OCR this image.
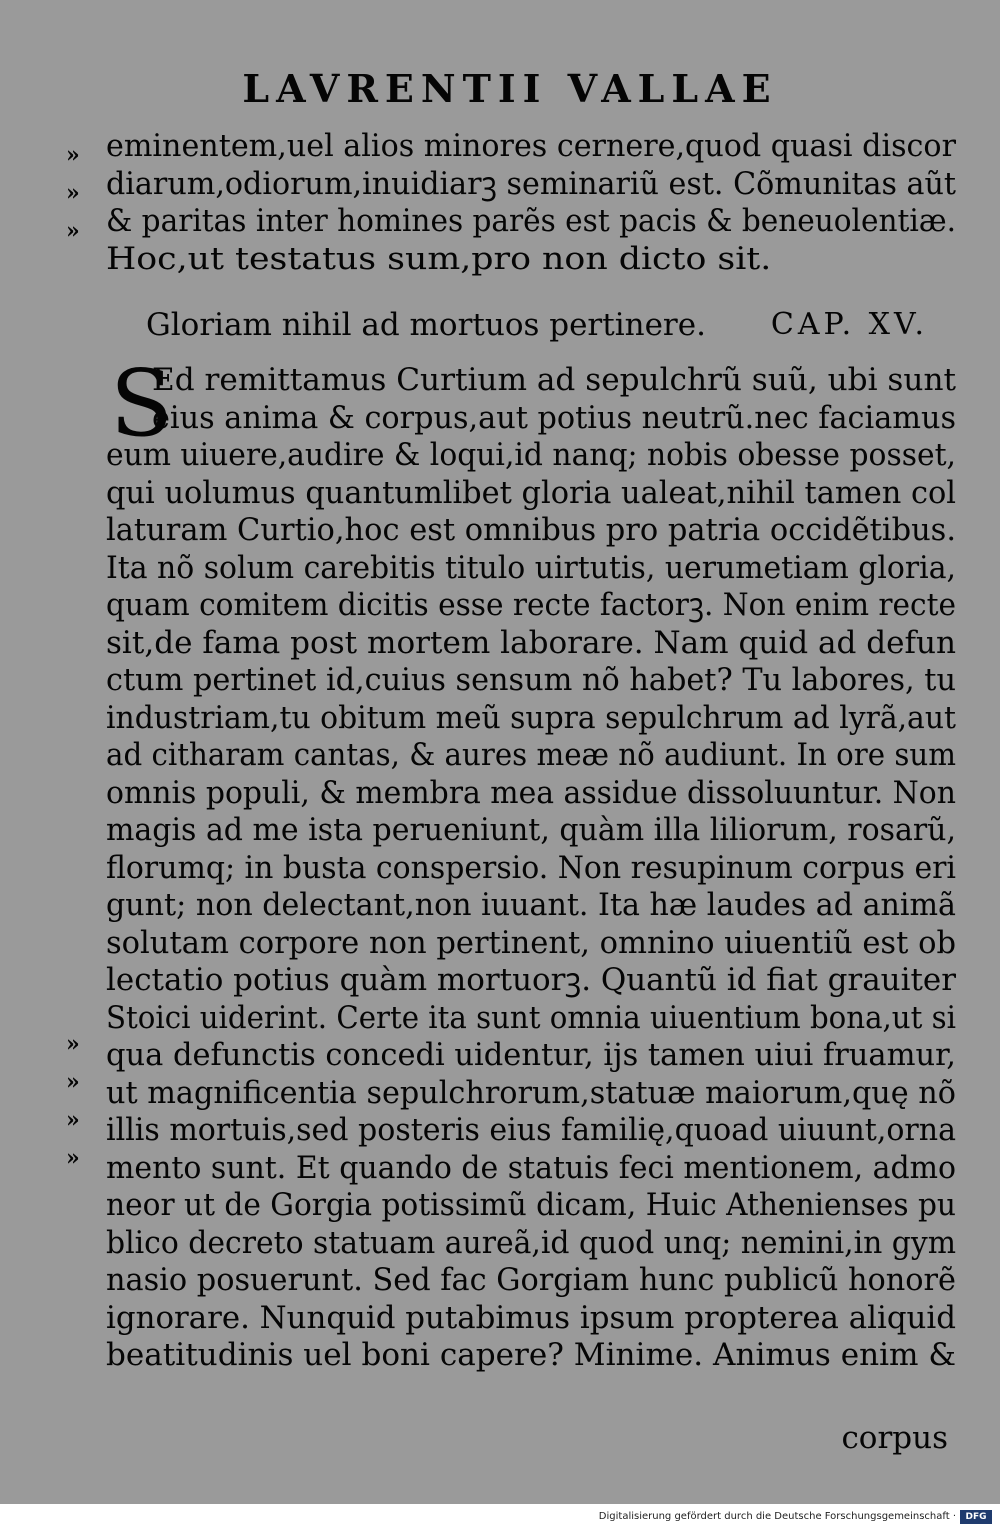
LAVRENTII VALLAE
»
»
»
»
»
»
»
eminentem,uel alios minores cernere,quod quasi discor
diarum,odiorum,inuidiarꝫ seminariũ est. Cõmunitas aũt
& paritas inter homines parẽs est pacis & beneuolentiæ.
Hoc,ut testatus sum,pro non dicto sit.
Gloriam nihil ad mortuos pertinere. CAP. XV.
S
Ed remittamus Curtium ad sepulchrũ suũ, ubi sunt
eius anima & corpus,aut potius neutrũ.nec faciamus
eum uiuere,audire & loqui,id nanq; nobis obesse posset,
qui uolumus quantumlibet gloria ualeat,nihil tamen col
laturam Curtio,hoc est omnibus pro patria occidẽtibus.
Ita nõ solum carebitis titulo uirtutis, uerumetiam gloria,
quam comitem dicitis esse recte factorꝫ. Non enim recte
sit,de fama post mortem laborare. Nam quid ad defun
ctum pertinet id,cuius sensum nõ habet? Tu labores, tu
industriam,tu obitum meũ supra sepulchrum ad lyrã,aut
ad citharam cantas, & aures meæ nõ audiunt. In ore sum
omnis populi, & membra mea assidue dissoluuntur. Non
magis ad me ista perueniunt, quàm illa liliorum, rosarũ,
florumq; in busta conspersio. Non resupinum corpus eri
gunt; non delectant,non iuuant. Ita hæ laudes ad animã
solutam corpore non pertinent, omnino uiuentiũ est ob
lectatio potius quàm mortuorꝫ. Quantũ id fiat grauiter
Stoici uiderint. Certe ita sunt omnia uiuentium bona,ut si
qua defunctis concedi uidentur, ijs tamen uiui fruamur,
ut magnificentia sepulchrorum,statuæ maiorum,quę nõ
illis mortuis,sed posteris eius familię,quoad uiuunt,orna
mento sunt. Et quando de statuis feci mentionem, admo
neor ut de Gorgia potissimũ dicam, Huic Athenienses pu
blico decreto statuam aureã,id quod unq; nemini,in gym
nasio posuerunt. Sed fac Gorgiam hunc publicũ honorẽ
ignorare. Nunquid putabimus ipsum propterea aliquid
beatitudinis uel boni capere? Minime. Animus enim &
corpus
Digitalisierung gefördert durch die Deutsche Forschungsgemeinschaft ·	DFG
